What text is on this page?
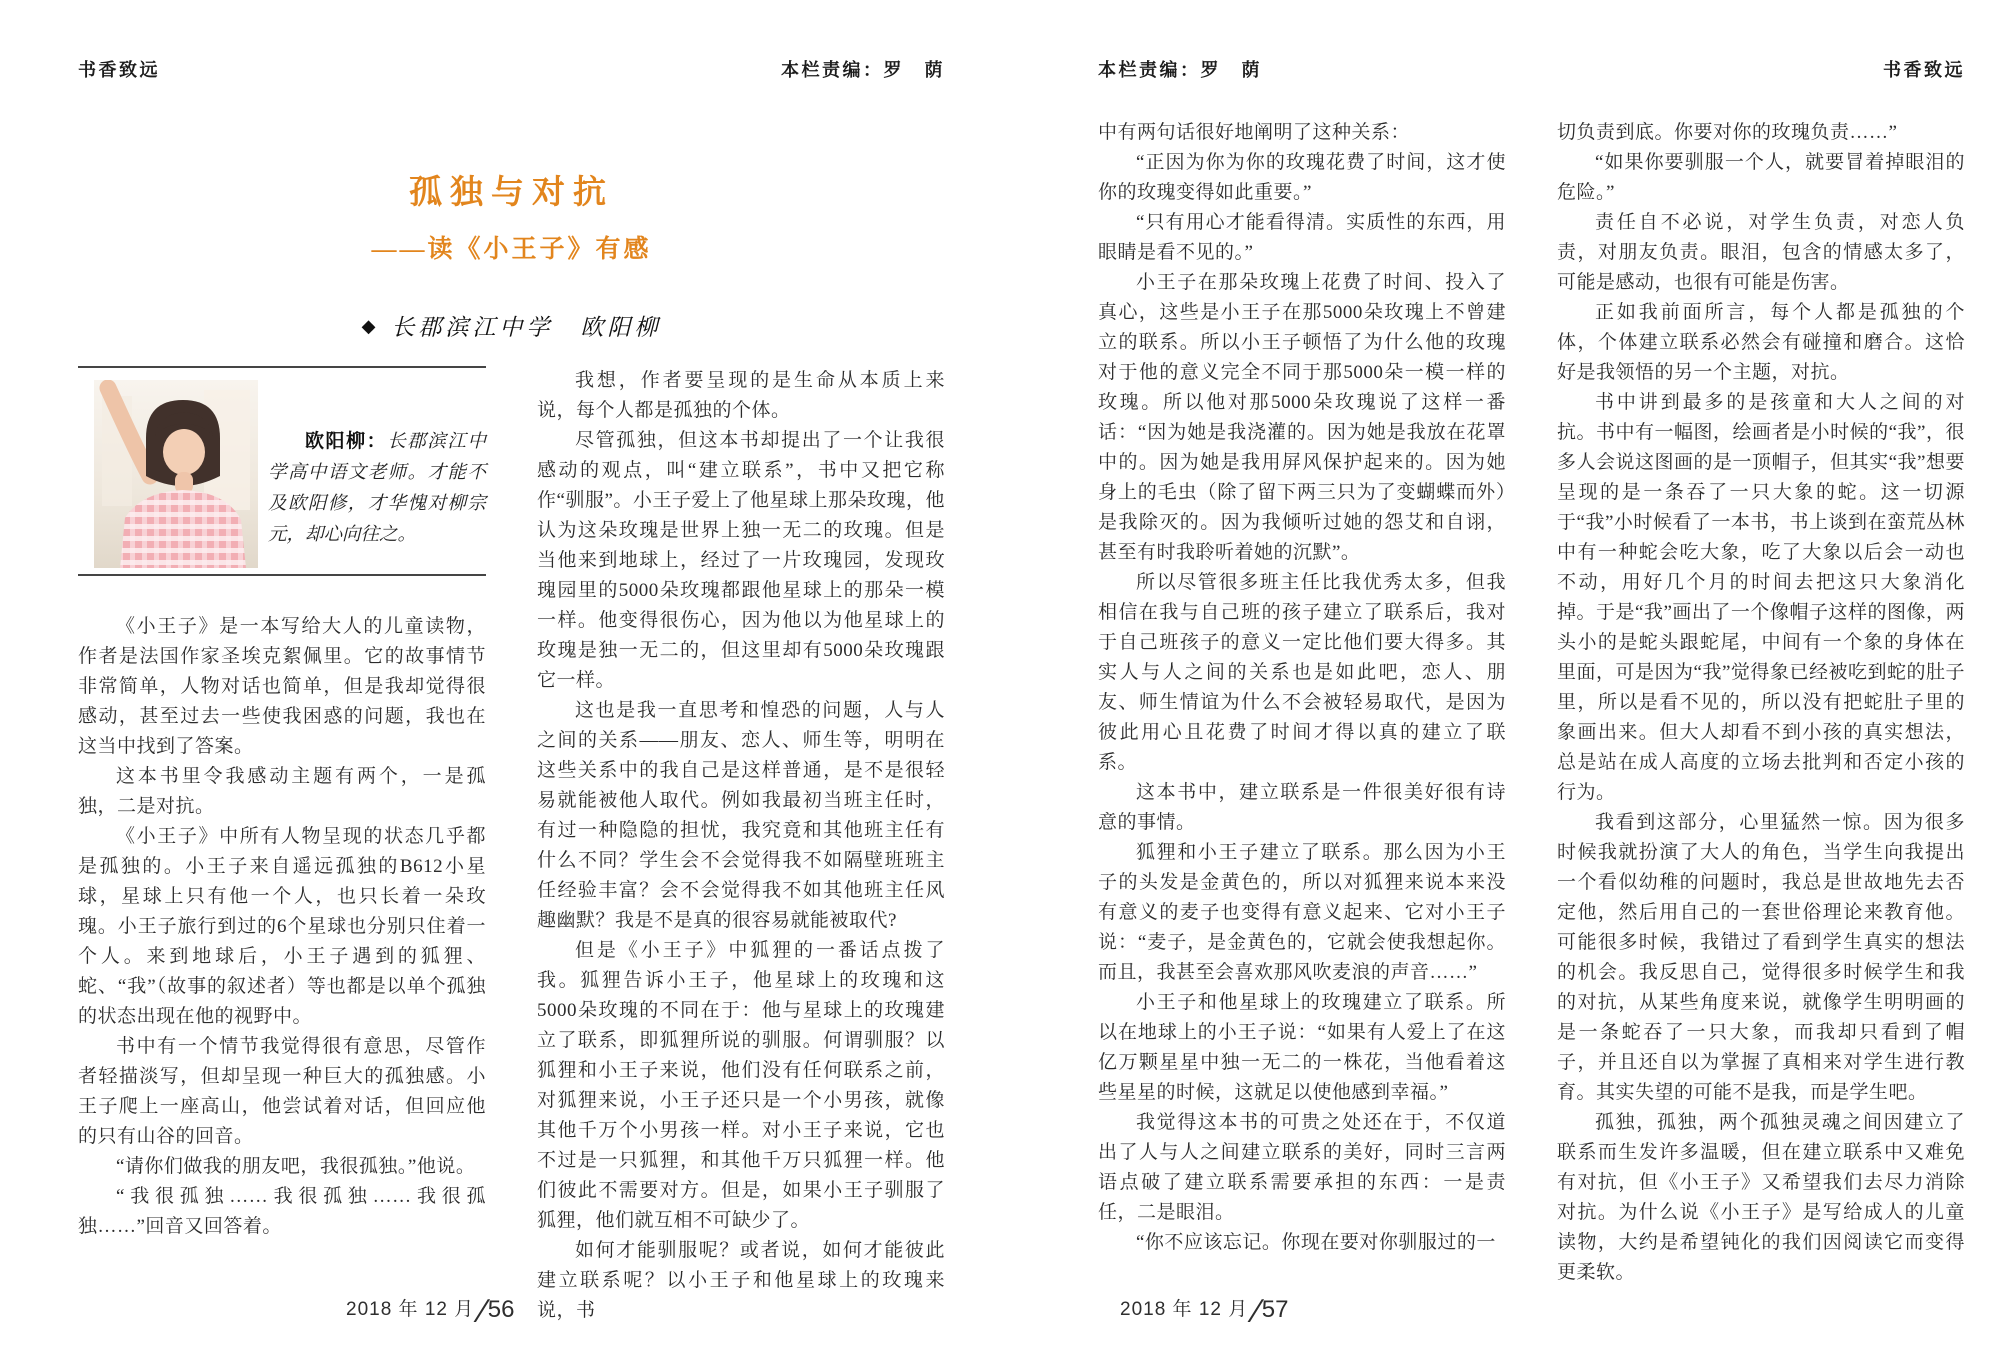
书香致远	本栏责编：罗　荫
孤独与对抗
——读《小王子》有感
◆ 长郡滨江中学　欧阳柳
欧阳柳：长郡滨江中学高中语文老师。才能不及欧阳修，才华愧对柳宗元，却心向往之。

《小王子》是一本写给大人的儿童读物，作者是法国作家圣埃克絮佩里。它的故事情节非常简单，人物对话也简单，但是我却觉得很感动，甚至过去一些使我困惑的问题，我也在这当中找到了答案。

这本书里令我感动主题有两个，一是孤独，二是对抗。

《小王子》中所有人物呈现的状态几乎都是孤独的。小王子来自遥远孤独的B612小星球，星球上只有他一个人，也只长着一朵玫瑰。小王子旅行到过的6个星球也分别只住着一个人。来到地球后，小王子遇到的狐狸、蛇、“我”（故事的叙述者）等也都是以单个孤独的状态出现在他的视野中。

书中有一个情节我觉得很有意思，尽管作者轻描淡写，但却呈现一种巨大的孤独感。小王子爬上一座高山，他尝试着对话，但回应他的只有山谷的回音。

“请你们做我的朋友吧，我很孤独。”他说。

“我很孤独……我很孤独……我很孤独……”回音又回答着。

我想，作者要呈现的是生命从本质上来说，每个人都是孤独的个体。

尽管孤独，但这本书却提出了一个让我很感动的观点，叫“建立联系”，书中又把它称作“驯服”。小王子爱上了他星球上那朵玫瑰，他认为这朵玫瑰是世界上独一无二的玫瑰。但是当他来到地球上，经过了一片玫瑰园，发现玫瑰园里的5000朵玫瑰都跟他星球上的那朵一模一样。他变得很伤心，因为他以为他星球上的玫瑰是独一无二的，但这里却有5000朵玫瑰跟它一样。

这也是我一直思考和惶恐的问题，人与人之间的关系——朋友、恋人、师生等，明明在这些关系中的我自己是这样普通，是不是很轻易就能被他人取代。例如我最初当班主任时，有过一种隐隐的担忧，我究竟和其他班主任有什么不同？学生会不会觉得我不如隔壁班班主任经验丰富？会不会觉得我不如其他班主任风趣幽默？我是不是真的很容易就能被取代?

但是《小王子》中狐狸的一番话点拨了我。狐狸告诉小王子，他星球上的玫瑰和这5000朵玫瑰的不同在于：他与星球上的玫瑰建立了联系，即狐狸所说的驯服。何谓驯服？以狐狸和小王子来说，他们没有任何联系之前，对狐狸来说，小王子还只是一个小男孩，就像其他千万个小男孩一样。对小王子来说，它也不过是一只狐狸，和其他千万只狐狸一样。他们彼此不需要对方。但是，如果小王子驯服了狐狸，他们就互相不可缺少了。

如何才能驯服呢？或者说，如何才能彼此建立联系呢？以小王子和他星球上的玫瑰来说，书

2018 年 12 月 ∕56
本栏责编：罗　荫	书香致远

中有两句话很好地阐明了这种关系：

“正因为你为你的玫瑰花费了时间，这才使你的玫瑰变得如此重要。”

“只有用心才能看得清。实质性的东西，用眼睛是看不见的。”

小王子在那朵玫瑰上花费了时间、投入了真心，这些是小王子在那5000朵玫瑰上不曾建立的联系。所以小王子顿悟了为什么他的玫瑰对于他的意义完全不同于那5000朵一模一样的玫瑰。所以他对那5000朵玫瑰说了这样一番话：“因为她是我浇灌的。因为她是我放在花罩中的。因为她是我用屏风保护起来的。因为她身上的毛虫（除了留下两三只为了变蝴蝶而外）是我除灭的。因为我倾听过她的怨艾和自诩，甚至有时我聆听着她的沉默”。

所以尽管很多班主任比我优秀太多，但我相信在我与自己班的孩子建立了联系后，我对于自己班孩子的意义一定比他们要大得多。其实人与人之间的关系也是如此吧，恋人、朋友、师生情谊为什么不会被轻易取代，是因为彼此用心且花费了时间才得以真的建立了联系。

这本书中，建立联系是一件很美好很有诗意的事情。

狐狸和小王子建立了联系。那么因为小王子的头发是金黄色的，所以对狐狸来说本来没有意义的麦子也变得有意义起来、它对小王子说：“麦子，是金黄色的，它就会使我想起你。而且，我甚至会喜欢那风吹麦浪的声音……”

小王子和他星球上的玫瑰建立了联系。所以在地球上的小王子说：“如果有人爱上了在这亿万颗星星中独一无二的一株花，当他看着这些星星的时候，这就足以使他感到幸福。”

我觉得这本书的可贵之处还在于，不仅道出了人与人之间建立联系的美好，同时三言两语点破了建立联系需要承担的东西：一是责任，二是眼泪。

“你不应该忘记。你现在要对你驯服过的一

切负责到底。你要对你的玫瑰负责……”

“如果你要驯服一个人，就要冒着掉眼泪的危险。”

责任自不必说，对学生负责，对恋人负责，对朋友负责。眼泪，包含的情感太多了，可能是感动，也很有可能是伤害。

正如我前面所言，每个人都是孤独的个体，个体建立联系必然会有碰撞和磨合。这恰好是我领悟的另一个主题，对抗。

书中讲到最多的是孩童和大人之间的对抗。书中有一幅图，绘画者是小时候的“我”，很多人会说这图画的是一顶帽子，但其实“我”想要呈现的是一条吞了一只大象的蛇。这一切源于“我”小时候看了一本书，书上谈到在蛮荒丛林中有一种蛇会吃大象，吃了大象以后会一动也不动，用好几个月的时间去把这只大象消化掉。于是“我”画出了一个像帽子这样的图像，两头小的是蛇头跟蛇尾，中间有一个象的身体在里面，可是因为“我”觉得象已经被吃到蛇的肚子里，所以是看不见的，所以没有把蛇肚子里的象画出来。但大人却看不到小孩的真实想法，总是站在成人高度的立场去批判和否定小孩的行为。

我看到这部分，心里猛然一惊。因为很多时候我就扮演了大人的角色，当学生向我提出一个看似幼稚的问题时，我总是世故地先去否定他，然后用自己的一套世俗理论来教育他。可能很多时候，我错过了看到学生真实的想法的机会。我反思自己，觉得很多时候学生和我的对抗，从某些角度来说，就像学生明明画的是一条蛇吞了一只大象，而我却只看到了帽子，并且还自以为掌握了真相来对学生进行教育。其实失望的可能不是我，而是学生吧。

孤独，孤独，两个孤独灵魂之间因建立了联系而生发许多温暖，但在建立联系中又难免有对抗，但《小王子》又希望我们去尽力消除对抗。为什么说《小王子》是写给成人的儿童读物，大约是希望钝化的我们因阅读它而变得更柔软。

2018 年 12 月 ∕57
